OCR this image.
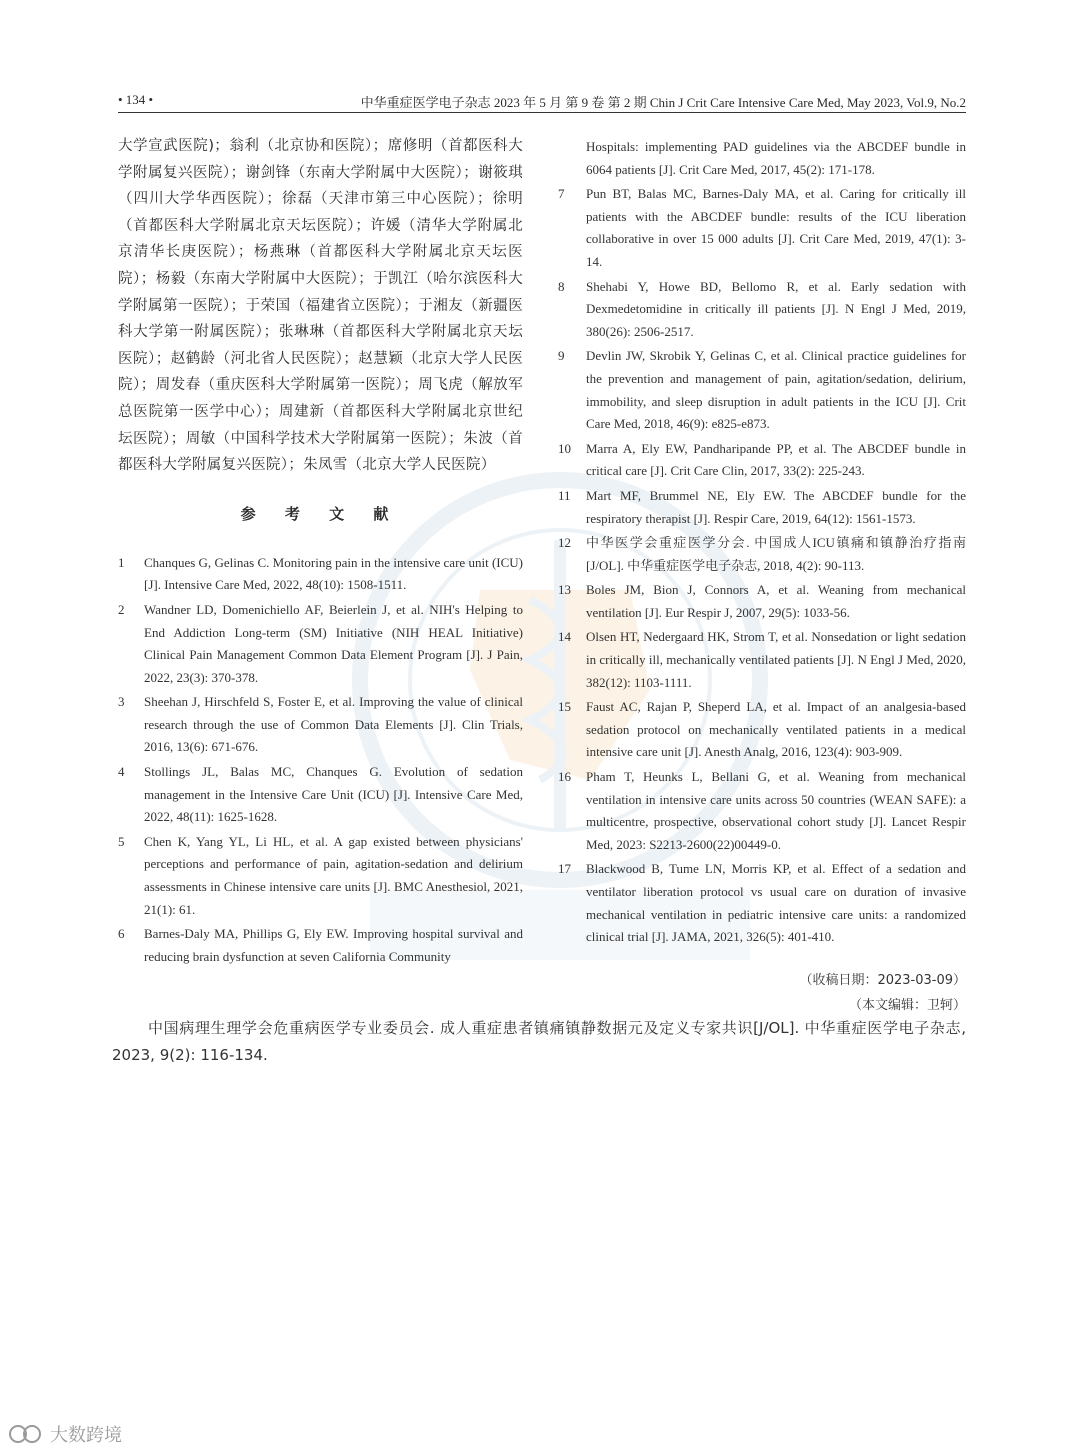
• 134 •	中华重症医学电子杂志 2023 年 5 月 第 9 卷 第 2 期 Chin J Crit Care Intensive Care Med, May 2023, Vol.9, No.2
大学宣武医院)；翁利（北京协和医院）；席修明（首都医科大学附属复兴医院）；谢剑锋（东南大学附属中大医院）；谢筱琪（四川大学华西医院）；徐磊（天津市第三中心医院）；徐明（首都医科大学附属北京天坛医院）；许媛（清华大学附属北京清华长庚医院）；杨燕琳（首都医科大学附属北京天坛医院）；杨毅（东南大学附属中大医院）；于凯江（哈尔滨医科大学附属第一医院）；于荣国（福建省立医院）；于湘友（新疆医科大学第一附属医院）；张琳琳（首都医科大学附属北京天坛医院）；赵鹤龄（河北省人民医院）；赵慧颖（北京大学人民医院）；周发春（重庆医科大学附属第一医院）；周飞虎（解放军总医院第一医学中心）；周建新（首都医科大学附属北京世纪坛医院）；周敏（中国科学技术大学附属第一医院）；朱波（首都医科大学附属复兴医院）；朱凤雪（北京大学人民医院）
参 考 文 献
1 Chanques G, Gelinas C. Monitoring pain in the intensive care unit (ICU) [J]. Intensive Care Med, 2022, 48(10): 1508-1511.
2 Wandner LD, Domenichiello AF, Beierlein J, et al. NIH's Helping to End Addiction Long-term (SM) Initiative (NIH HEAL Initiative) Clinical Pain Management Common Data Element Program [J]. J Pain, 2022, 23(3): 370-378.
3 Sheehan J, Hirschfeld S, Foster E, et al. Improving the value of clinical research through the use of Common Data Elements [J]. Clin Trials, 2016, 13(6): 671-676.
4 Stollings JL, Balas MC, Chanques G. Evolution of sedation management in the Intensive Care Unit (ICU) [J]. Intensive Care Med, 2022, 48(11): 1625-1628.
5 Chen K, Yang YL, Li HL, et al. A gap existed between physicians' perceptions and performance of pain, agitation-sedation and delirium assessments in Chinese intensive care units [J]. BMC Anesthesiol, 2021, 21(1): 61.
6 Barnes-Daly MA, Phillips G, Ely EW. Improving hospital survival and reducing brain dysfunction at seven California Community
Hospitals: implementing PAD guidelines via the ABCDEF bundle in 6064 patients [J]. Crit Care Med, 2017, 45(2): 171-178.
7 Pun BT, Balas MC, Barnes-Daly MA, et al. Caring for critically ill patients with the ABCDEF bundle: results of the ICU liberation collaborative in over 15 000 adults [J]. Crit Care Med, 2019, 47(1): 3-14.
8 Shehabi Y, Howe BD, Bellomo R, et al. Early sedation with Dexmedetomidine in critically ill patients [J]. N Engl J Med, 2019, 380(26): 2506-2517.
9 Devlin JW, Skrobik Y, Gelinas C, et al. Clinical practice guidelines for the prevention and management of pain, agitation/sedation, delirium, immobility, and sleep disruption in adult patients in the ICU [J]. Crit Care Med, 2018, 46(9): e825-e873.
10 Marra A, Ely EW, Pandharipande PP, et al. The ABCDEF bundle in critical care [J]. Crit Care Clin, 2017, 33(2): 225-243.
11 Mart MF, Brummel NE, Ely EW. The ABCDEF bundle for the respiratory therapist [J]. Respir Care, 2019, 64(12): 1561-1573.
12 中华医学会重症医学分会. 中国成人ICU镇痛和镇静治疗指南 [J/OL]. 中华重症医学电子杂志, 2018, 4(2): 90-113.
13 Boles JM, Bion J, Connors A, et al. Weaning from mechanical ventilation [J]. Eur Respir J, 2007, 29(5): 1033-56.
14 Olsen HT, Nedergaard HK, Strom T, et al. Nonsedation or light sedation in critically ill, mechanically ventilated patients [J]. N Engl J Med, 2020, 382(12): 1103-1111.
15 Faust AC, Rajan P, Sheperd LA, et al. Impact of an analgesia-based sedation protocol on mechanically ventilated patients in a medical intensive care unit [J]. Anesth Analg, 2016, 123(4): 903-909.
16 Pham T, Heunks L, Bellani G, et al. Weaning from mechanical ventilation in intensive care units across 50 countries (WEAN SAFE): a multicentre, prospective, observational cohort study [J]. Lancet Respir Med, 2023: S2213-2600(22)00449-0.
17 Blackwood B, Tume LN, Morris KP, et al. Effect of a sedation and ventilator liberation protocol vs usual care on duration of invasive mechanical ventilation in pediatric intensive care units: a randomized clinical trial [J]. JAMA, 2021, 326(5): 401-410.
（收稿日期：2023-03-09）
（本文编辑：卫轲）
中国病理生理学会危重病医学专业委员会. 成人重症患者镇痛镇静数据元及定义专家共识[J/OL]. 中华重症医学电子杂志, 2023, 9(2): 116-134.
大数跨境
